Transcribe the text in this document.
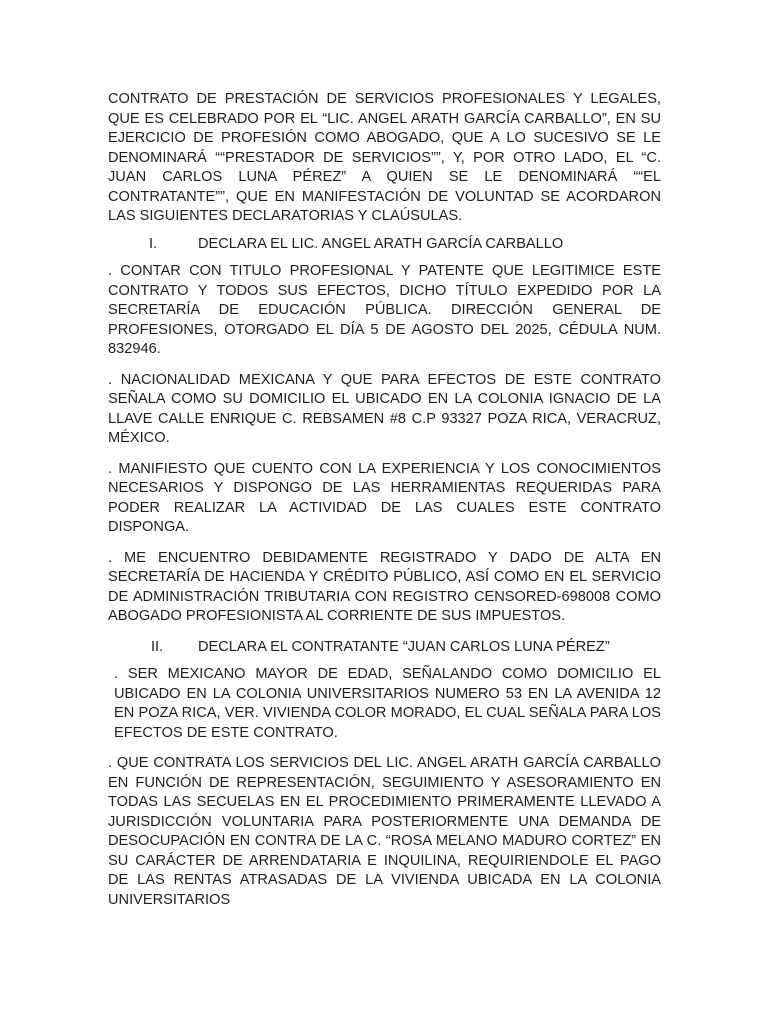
CONTRATO DE PRESTACIÓN DE SERVICIOS PROFESIONALES Y LEGALES, QUE ES CELEBRADO POR EL “LIC. ANGEL ARATH GARCÍA CARBALLO”, EN SU EJERCICIO DE PROFESIÓN COMO ABOGADO, QUE A LO SUCESIVO SE LE DENOMINARÁ ““PRESTADOR DE SERVICIOS””, Y, POR OTRO LADO, EL “C. JUAN CARLOS LUNA PÉREZ” A QUIEN SE LE DENOMINARÁ ““EL CONTRATANTE””, QUE EN MANIFESTACIÓN DE VOLUNTAD SE ACORDARON LAS SIGUIENTES DECLARATORIAS Y CLAÚSULAS.

I.	DECLARA EL LIC. ANGEL ARATH GARCÍA CARBALLO

. CONTAR CON TITULO PROFESIONAL Y PATENTE QUE LEGITIMICE ESTE CONTRATO Y TODOS SUS EFECTOS, DICHO TÍTULO EXPEDIDO POR LA SECRETARÍA DE EDUCACIÓN PÚBLICA. DIRECCIÓN GENERAL DE PROFESIONES, OTORGADO EL DÍA 5 DE AGOSTO DEL 2025, CÉDULA NUM. 832946.

. NACIONALIDAD MEXICANA Y QUE PARA EFECTOS DE ESTE CONTRATO SEÑALA COMO SU DOMICILIO EL UBICADO EN LA COLONIA IGNACIO DE LA LLAVE CALLE ENRIQUE C. REBSAMEN #8 C.P 93327 POZA RICA, VERACRUZ, MÉXICO.

. MANIFIESTO QUE CUENTO CON LA EXPERIENCIA Y LOS CONOCIMIENTOS NECESARIOS Y DISPONGO DE LAS HERRAMIENTAS REQUERIDAS PARA PODER REALIZAR LA ACTIVIDAD DE LAS CUALES ESTE CONTRATO DISPONGA.

. ME ENCUENTRO DEBIDAMENTE REGISTRADO Y DADO DE ALTA EN SECRETARÍA DE HACIENDA Y CRÉDITO PÚBLICO, ASÍ COMO EN EL SERVICIO DE ADMINISTRACIÓN TRIBUTARIA CON REGISTRO CENSORED-698008 COMO ABOGADO PROFESIONISTA AL CORRIENTE DE SUS IMPUESTOS.

II.	DECLARA EL CONTRATANTE “JUAN CARLOS LUNA PÉREZ”

. SER MEXICANO MAYOR DE EDAD, SEÑALANDO COMO DOMICILIO EL UBICADO EN LA COLONIA UNIVERSITARIOS NUMERO 53 EN LA AVENIDA 12 EN POZA RICA, VER. VIVIENDA COLOR MORADO, EL CUAL SEÑALA PARA LOS EFECTOS DE ESTE CONTRATO.

. QUE CONTRATA LOS SERVICIOS DEL LIC. ANGEL ARATH GARCÍA CARBALLO EN FUNCIÓN DE REPRESENTACIÓN, SEGUIMIENTO Y ASESORAMIENTO EN TODAS LAS SECUELAS EN EL PROCEDIMIENTO PRIMERAMENTE LLEVADO A JURISDICCIÓN VOLUNTARIA PARA POSTERIORMENTE UNA DEMANDA DE DESOCUPACIÓN EN CONTRA DE LA C. “ROSA MELANO MADURO CORTEZ” EN SU CARÁCTER DE ARRENDATARIA E INQUILINA, REQUIRIENDOLE EL PAGO DE LAS RENTAS ATRASADAS DE LA VIVIENDA UBICADA EN LA COLONIA UNIVERSITARIOS
